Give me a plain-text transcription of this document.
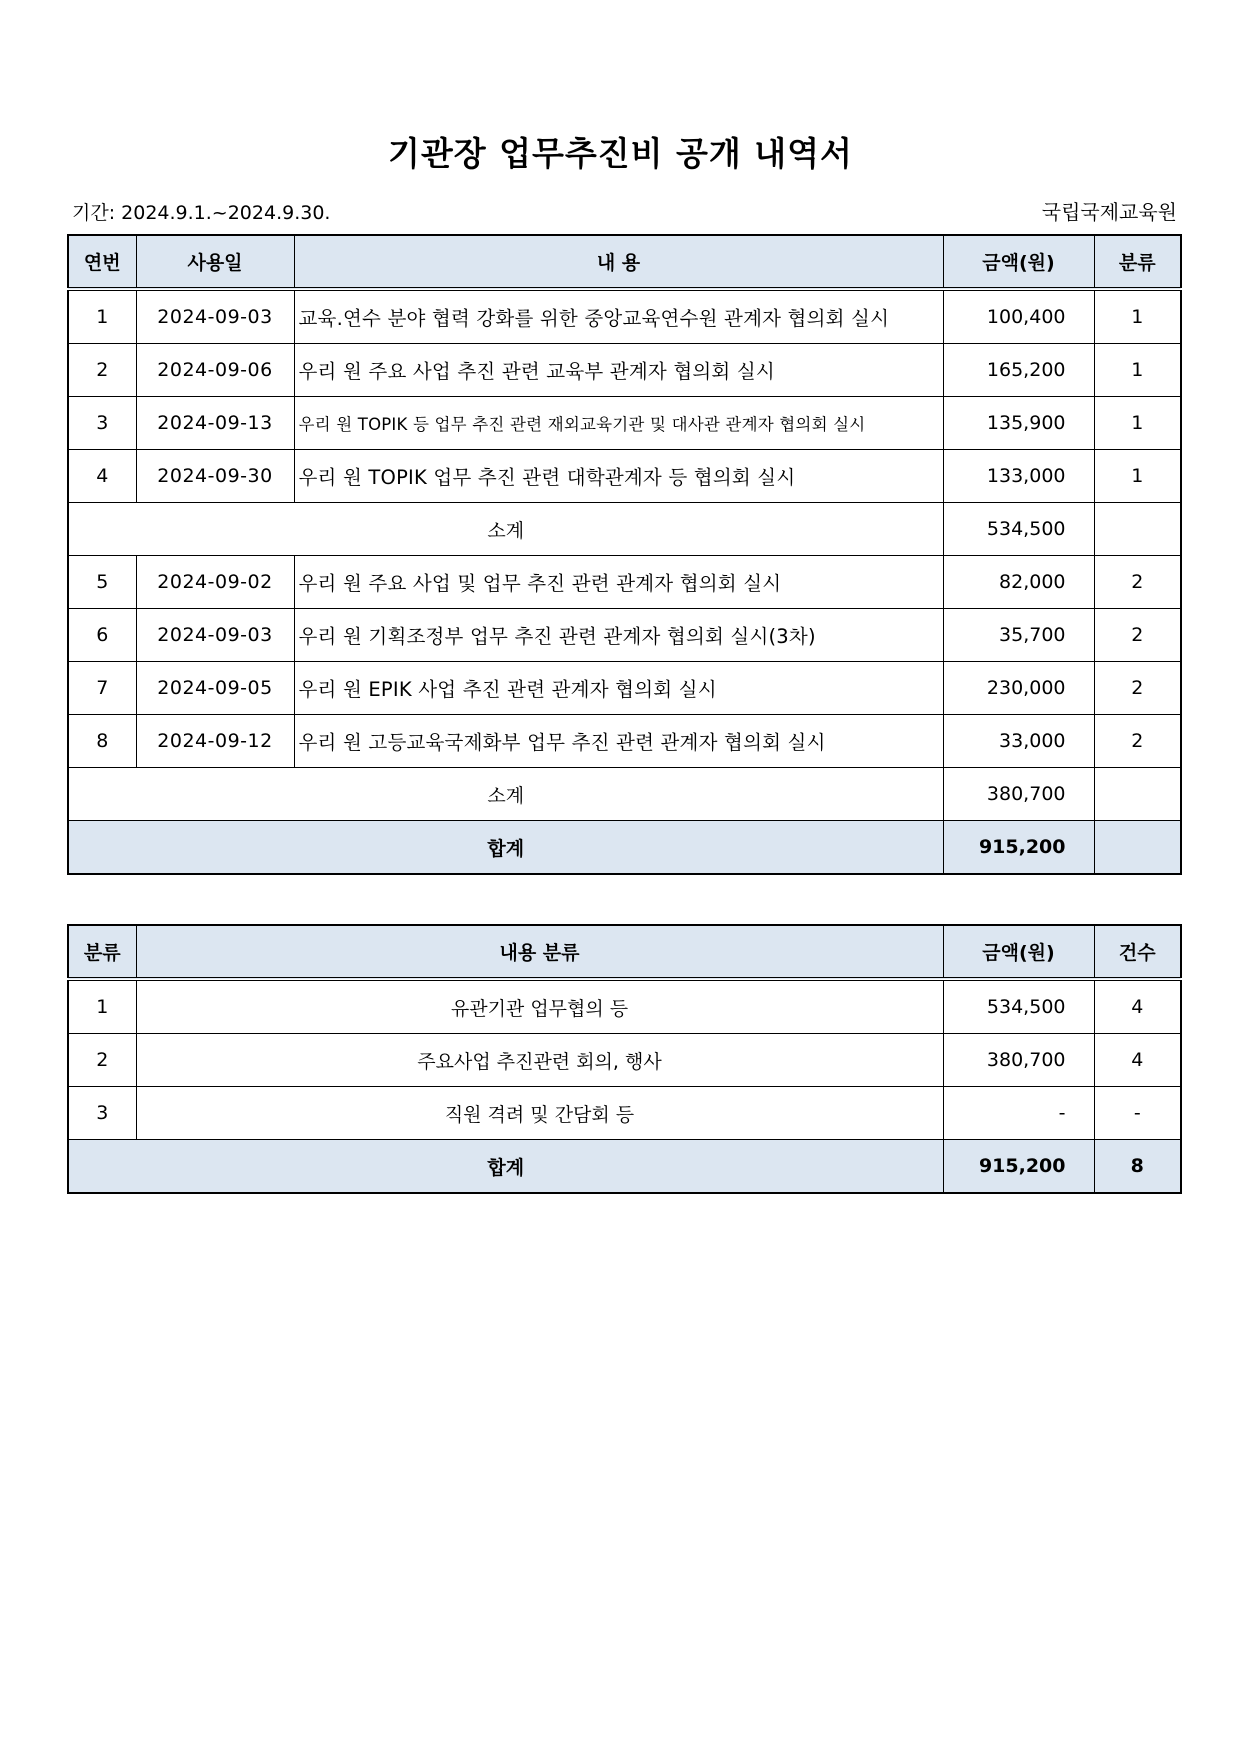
기관장 업무추진비 공개 내역서
기간: 2024.9.1.~2024.9.30.	국립국제교육원
연번	사용일	내 용	금액(원)	분류
1	2024-09-03	교육.연수 분야 협력 강화를 위한 중앙교육연수원 관계자 협의회 실시	100,400	1
2	2024-09-06	우리 원 주요 사업 추진 관련 교육부 관계자 협의회 실시	165,200	1
3	2024-09-13	우리 원 TOPIK 등 업무 추진 관련 재외교육기관 및 대사관 관계자 협의회 실시	135,900	1
4	2024-09-30	우리 원 TOPIK 업무 추진 관련 대학관계자 등 협의회 실시	133,000	1
소계			534,500	
5	2024-09-02	우리 원 주요 사업 및 업무 추진 관련 관계자 협의회 실시	82,000	2
6	2024-09-03	우리 원 기획조정부 업무 추진 관련 관계자 협의회 실시(3차)	35,700	2
7	2024-09-05	우리 원 EPIK 사업 추진 관련 관계자 협의회 실시	230,000	2
8	2024-09-12	우리 원 고등교육국제화부 업무 추진 관련 관계자 협의회 실시	33,000	2
소계			380,700	
합계			915,200	
분류	내용 분류	금액(원)	건수
1	유관기관 업무협의 등	534,500	4
2	주요사업 추진관련 회의, 행사	380,700	4
3	직원 격려 및 간담회 등	-	-
합계		915,200	8
